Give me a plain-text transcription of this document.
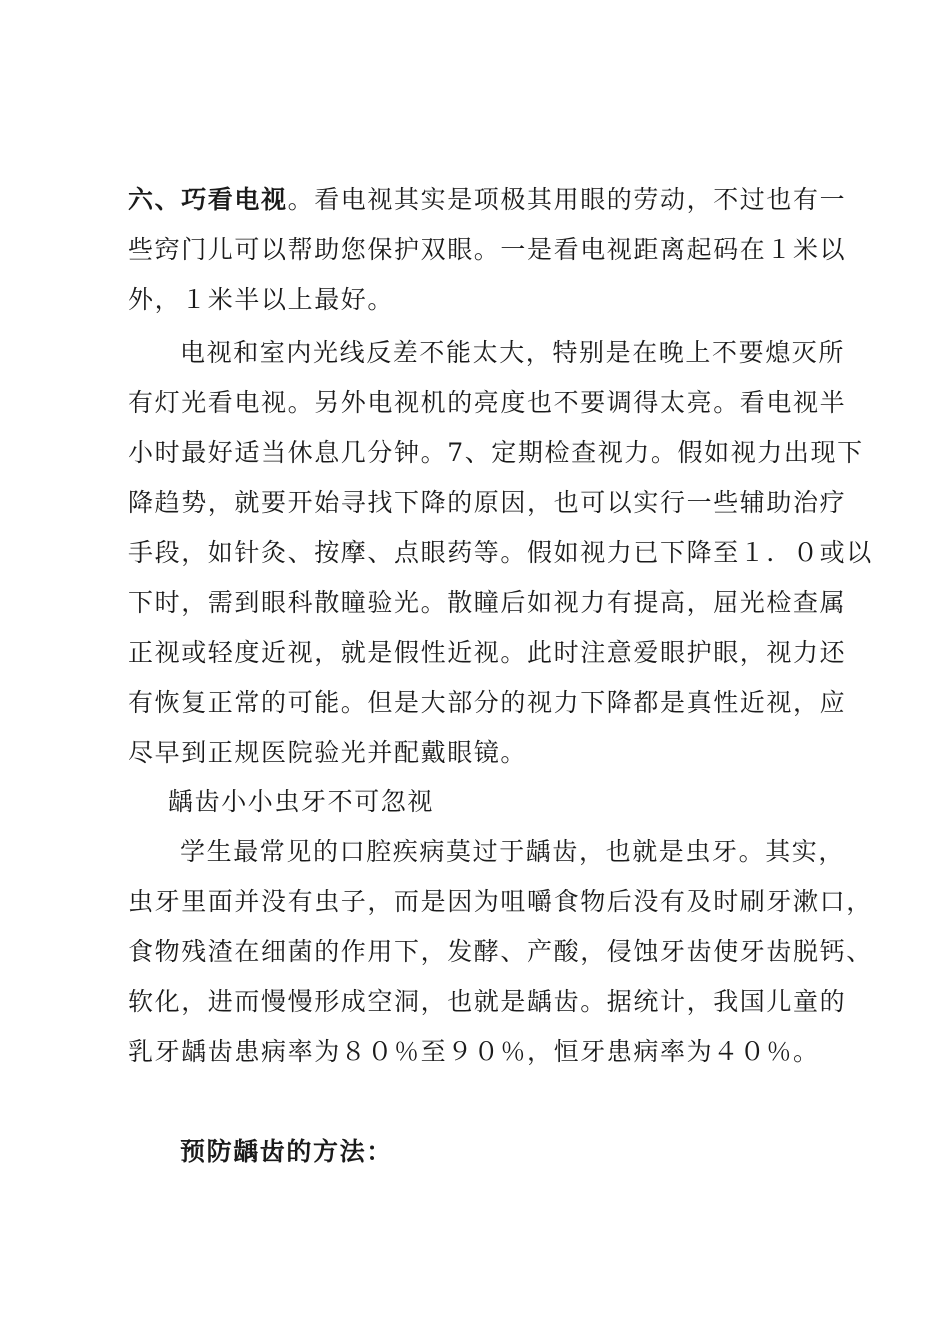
六、巧看电视。看电视其实是项极其用眼的劳动，不过也有一
些窍门儿可以帮助您保护双眼。一是看电视距离起码在１米以
外，１米半以上最好。

电视和室内光线反差不能太大，特别是在晚上不要熄灭所
有灯光看电视。另外电视机的亮度也不要调得太亮。看电视半
小时最好适当休息几分钟。7、定期检查视力。假如视力出现下
降趋势，就要开始寻找下降的原因，也可以实行一些辅助治疗
手段，如针灸、按摩、点眼药等。假如视力已下降至１．０或以
下时，需到眼科散瞳验光。散瞳后如视力有提高，屈光检查属
正视或轻度近视，就是假性近视。此时注意爱眼护眼，视力还
有恢复正常的可能。但是大部分的视力下降都是真性近视，应
尽早到正规医院验光并配戴眼镜。

龋齿小小虫牙不可忽视

学生最常见的口腔疾病莫过于龋齿，也就是虫牙。其实，
虫牙里面并没有虫子，而是因为咀嚼食物后没有及时刷牙漱口，
食物残渣在细菌的作用下，发酵、产酸，侵蚀牙齿使牙齿脱钙、
软化，进而慢慢形成空洞，也就是龋齿。据统计，我国儿童的
乳牙龋齿患病率为８０％至９０％，恒牙患病率为４０％。

预防龋齿的方法：
